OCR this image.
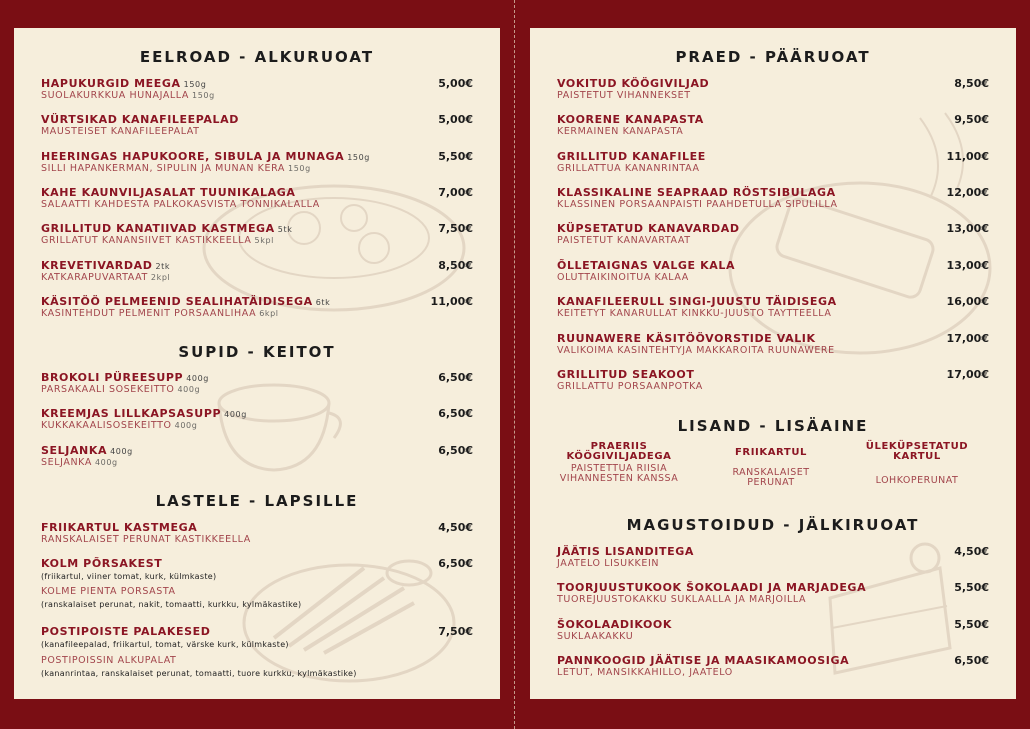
EELROAD - ALKURUOAT
HAPUKURGID MEEGA 150g
SUOLAKURKKUA HUNAJALLA 150g
5,00€
VÜRTSIKAD KANAFILEEPALAD
MAUSTEISET KANAFILEEPALAT
5,00€
HEERINGAS HAPUKOORE, SIBULA JA MUNAGA 150g
SILLI HAPANKERMAN, SIPULIN JA MUNAN KERA 150g
5,50€
KAHE KAUNVILJASALAT TUUNIKALAGA
SALAATTI KAHDESTA PALKOKASVISTA TONNIKALALLA
7,00€
GRILLITUD KANATIIVAD KASTMEGA 5tk
GRILLATUT KANANSIIVET KASTIKKEELLA 5kpl
7,50€
KREVETIVARDAD 2tk
KATKARAPUVARTAAT 2kpl
8,50€
KÄSITÖÖ PELMEENID SEALIHATÄIDISEGA 6tk
KÄSINTEHDUT PELMENIT PORSAANLIHAA 6kpl
11,00€
SUPID - KEITOT
BROKOLI PÜREESUPP 400g
PARSAKAALI SOSEKEITTO 400g
6,50€
KREEMJAS LILLKAPSASUPP 400g
KUKKAKAALISOSEKEITTO 400g
6,50€
SELJANKA 400g
SELJANKA 400g
6,50€
LASTELE - LAPSILLE
FRIIKARTUL KASTMEGA
RANSKALAISET PERUNAT KASTIKKEELLA
4,50€
KOLM PÕRSAKEST
(friikartul, viiner tomat, kurk, külmkaste)
KOLME PIENTÄ PORSASTA
(ranskalaiset perunat, nakit, tomaatti, kurkku, kylmäkastike)
6,50€
POSTIPOISTE PALAKESED
(kanafileepalad, friikartul, tomat, värske kurk, külmkaste)
POSTIPOISSIN ALKUPALAT
(kananrintaa, ranskalaiset perunat, tomaatti, tuore kurkku, kylmäkastike)
7,50€
PRAED - PÄÄRUOAT
VOKITUD KÖÖGIVILJAD
PAISTETUT VIHANNEKSET
8,50€
KOORENE KANAPASTA
KERMAINEN KANAPASTA
9,50€
GRILLITUD KANAFILEE
GRILLATTUA KANANRINTAA
11,00€
KLASSIKALINE SEAPRAAD RÖSTSIBULAGA
KLASSINEN PORSAANPAISTI PAAHDETULLA SIPULILLA
12,00€
KÜPSETATUD KANAVARDAD
PAISTETUT KANAVARTAAT
13,00€
ÕLLETAIGNAS VALGE KALA
OLUTTAIKINOITUA KALAA
13,00€
KANAFILEERULL SINGI-JUUSTU TÄIDISEGA
KEITETYT KANARULLAT KINKKU-JUUSTO TÄYTTEELLÄ
16,00€
RUUNAWERE KÄSITÖÖVORSTIDE VALIK
VALIKOIMA KÄSINTEHTYJÄ MAKKAROITA RUUNAWERE
17,00€
GRILLITUD SEAKOOT
GRILLATTU PORSAANPOTKA
17,00€
LISAND - LISÄAINE
PRAERIIS
KÖÖGIVILJADEGA
PAISTETTUA RIISIÄ
VIHANNESTEN KANSSA
FRIIKARTUL
RANSKALAISET
PERUNAT
ÜLEKÜPSETATUD
KARTUL
LOHKOPERUNAT
MAGUSTOIDUD - JÄLKIRUOAT
JÄÄTIS LISANDITEGA
JÄÄTELÖ LISUKKEIN
4,50€
TOORJUUSTUKOOK ŠOKOLAADI JA MARJADEGA
TUOREJUUSTOKAKKU SUKLAALLA JA MARJOILLA
5,50€
ŠOKOLAADIKOOK
SUKLAAKAKKU
5,50€
PANNKOOGID JÄÄTISE JA MAASIKAMOOSIGA
LETUT, MANSIKKAHILLO, JÄÄTELÖ
6,50€
